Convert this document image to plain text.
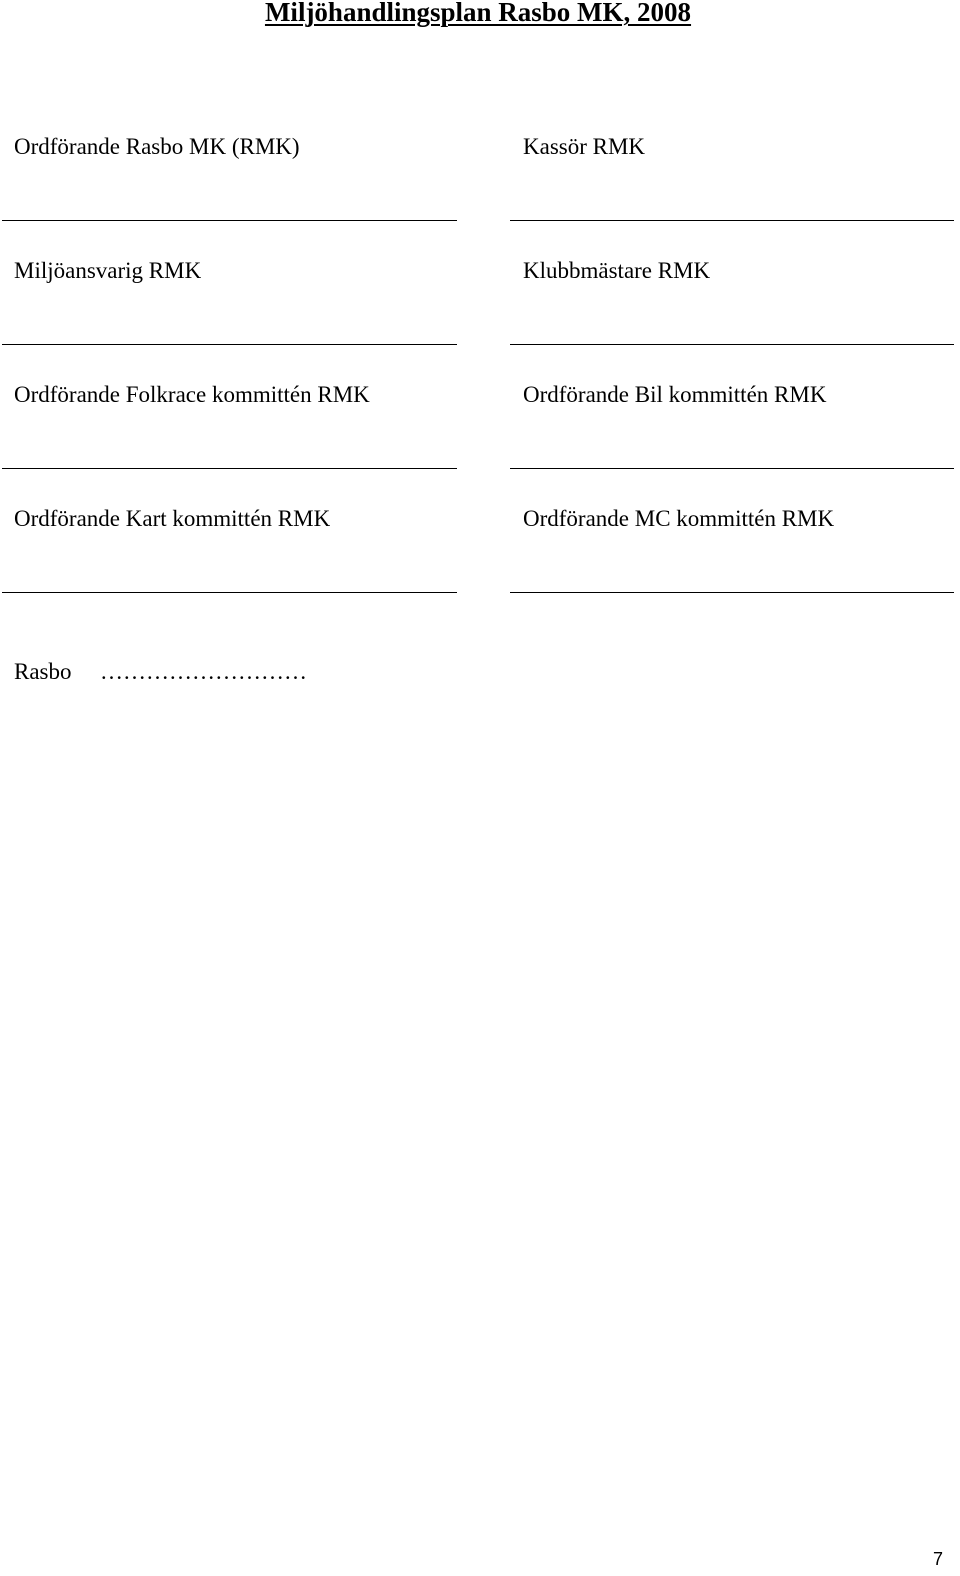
Miljöhandlingsplan Rasbo MK, 2008
Ordförande Rasbo MK (RMK)	Kassör RMK
Miljöansvarig RMK	Klubbmästare RMK
Ordförande Folkrace kommittén RMK	Ordförande Bil kommittén RMK
Ordförande Kart kommittén RMK	Ordförande MC kommittén RMK
Rasbo ………………………
7
